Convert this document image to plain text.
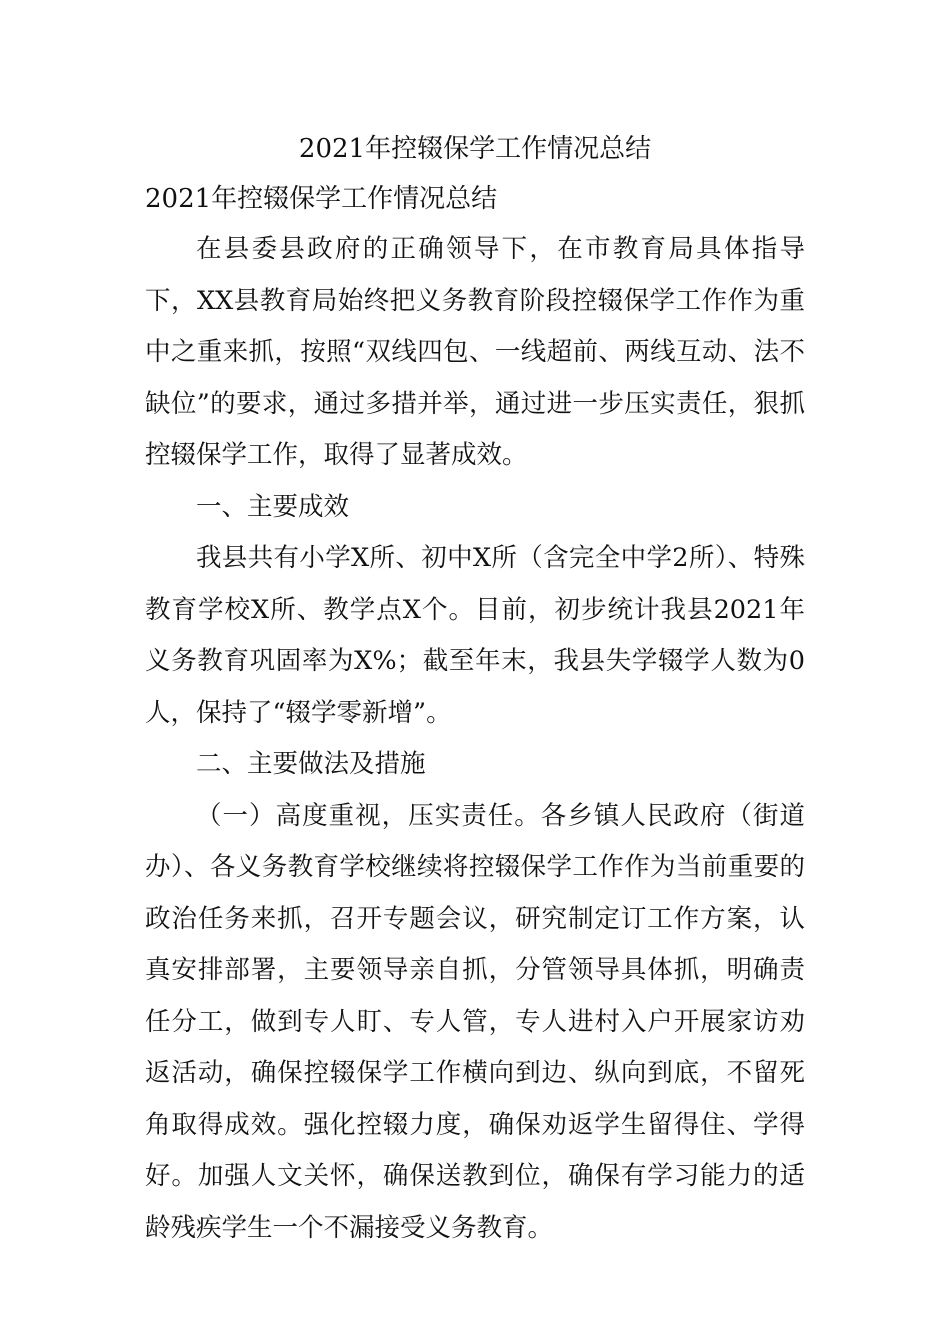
2021年控辍保学工作情况总结
2021年控辍保学工作情况总结

在县委县政府的正确领导下，在市教育局具体指导下，XX县教育局始终把义务教育阶段控辍保学工作作为重中之重来抓，按照“双线四包、一线超前、两线互动、法不缺位”的要求，通过多措并举，通过进一步压实责任，狠抓控辍保学工作，取得了显著成效。

一、主要成效

我县共有小学X所、初中X所（含完全中学2所）、特殊教育学校X所、教学点X个。目前，初步统计我县2021年义务教育巩固率为X%；截至年末，我县失学辍学人数为0人，保持了“辍学零新增”。

二、主要做法及措施

（一）高度重视，压实责任。各乡镇人民政府（街道办）、各义务教育学校继续将控辍保学工作作为当前重要的政治任务来抓，召开专题会议，研究制定订工作方案，认真安排部署，主要领导亲自抓，分管领导具体抓，明确责任分工，做到专人盯、专人管，专人进村入户开展家访劝返活动，确保控辍保学工作横向到边、纵向到底，不留死角取得成效。强化控辍力度，确保劝返学生留得住、学得好。加强人文关怀，确保送教到位，确保有学习能力的适龄残疾学生一个不漏接受义务教育。
